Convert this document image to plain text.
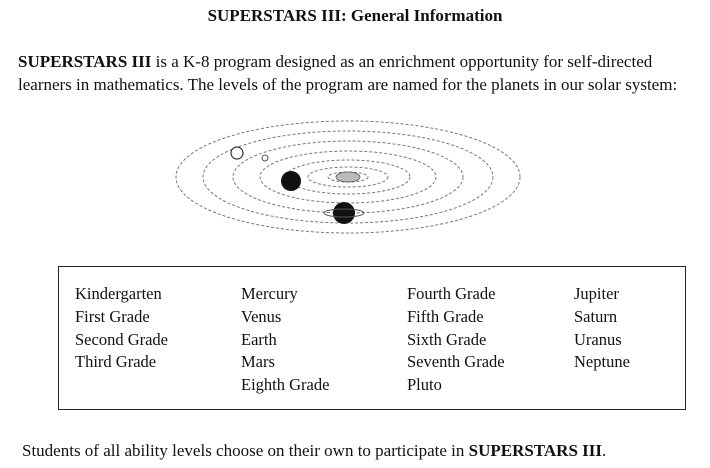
SUPERSTARS III: General Information
SUPERSTARS III is a K-8 program designed as an enrichment opportunity for self-directed learners in mathematics. The levels of the program are named for the planets in our solar system:
Kindergarten
First Grade
Second Grade
Third Grade
Mercury
Venus
Earth
Mars
Eighth Grade
Fourth Grade
Fifth Grade
Sixth Grade
Seventh Grade
Pluto
Jupiter
Saturn
Uranus
Neptune
Students of all ability levels choose on their own to participate in SUPERSTARS III.
